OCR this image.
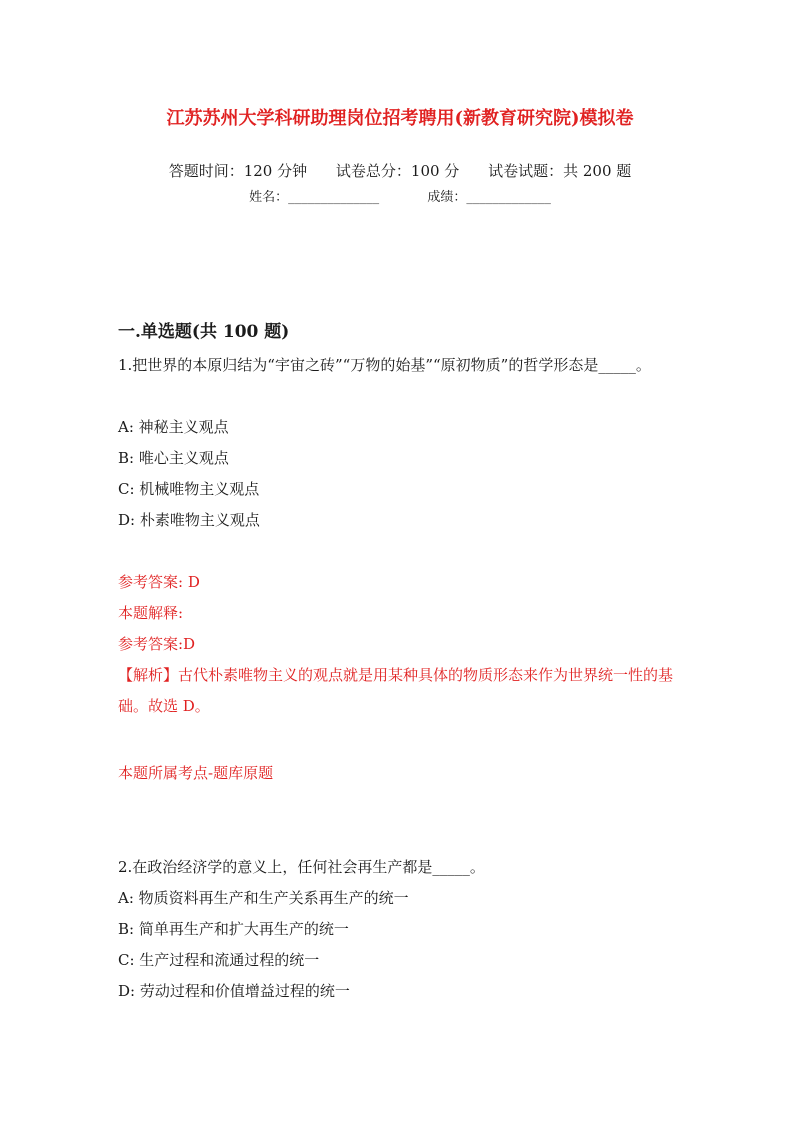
江苏苏州大学科研助理岗位招考聘用(新教育研究院)模拟卷
答题时间：120 分钟 试卷总分：100 分 试卷试题：共 200 题
姓名：______________	成绩：_____________
一.单选题(共 100 题)
1.把世界的本原归结为“宇宙之砖”“万物的始基”“原初物质”的哲学形态是_____。
A: 神秘主义观点
B: 唯心主义观点
C: 机械唯物主义观点
D: 朴素唯物主义观点
参考答案: D
本题解释:
参考答案:D
【解析】古代朴素唯物主义的观点就是用某种具体的物质形态来作为世界统一性的基础。故选 D。
本题所属考点-题库原题
2.在政治经济学的意义上，任何社会再生产都是_____。
A: 物质资料再生产和生产关系再生产的统一
B: 简单再生产和扩大再生产的统一
C: 生产过程和流通过程的统一
D: 劳动过程和价值增益过程的统一
